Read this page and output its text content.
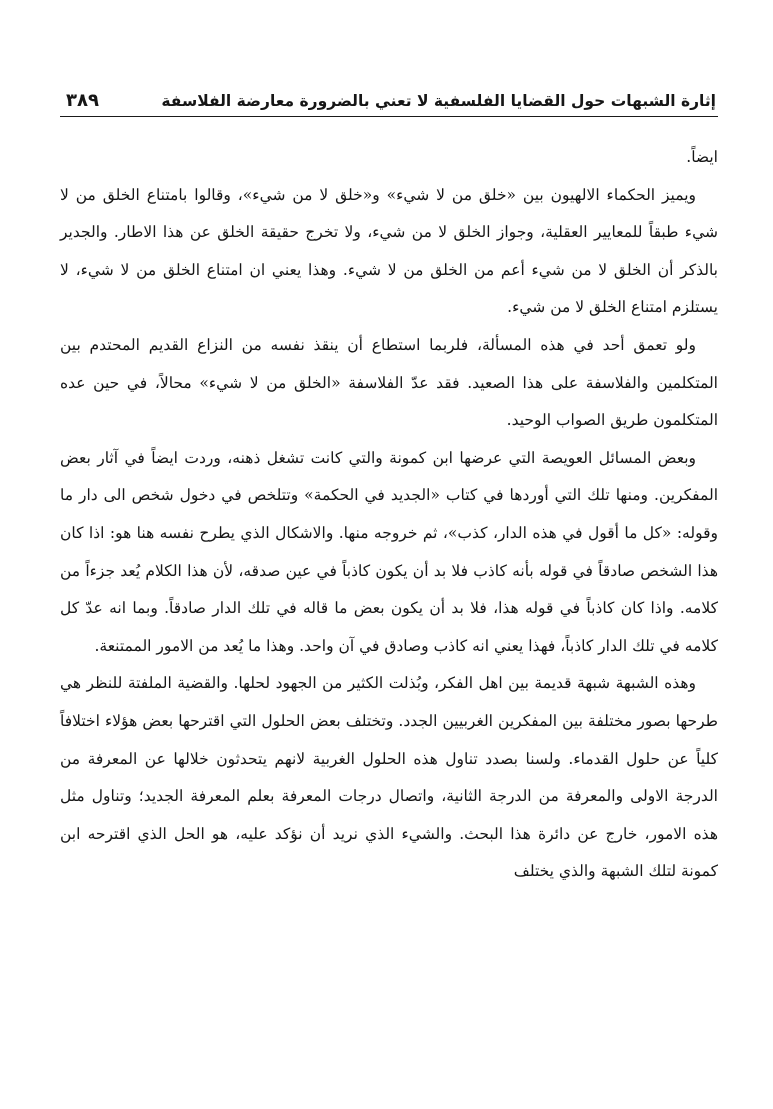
إثارة الشبهات حول القضايا الفلسفية لا تعني بالضرورة معارضة الفلاسفة
٣٨٩

ايضاً.

ويميز الحكماء الالهيون بين «خلق من لا شيء» و«خلق لا من شيء»، وقالوا بامتناع الخلق من لا شيء طبقاً للمعايير العقلية، وجواز الخلق لا من شيء، ولا تخرج حقيقة الخلق عن هذا الاطار. والجدير بالذكر أن الخلق لا من شيء أعم من الخلق من لا شيء. وهذا يعني ان امتناع الخلق من لا شيء، لا يستلزم امتناع الخلق لا من شيء.

ولو تعمق أحد في هذه المسألة، فلربما استطاع أن ينقذ نفسه من النزاع القديم المحتدم بين المتكلمين والفلاسفة على هذا الصعيد. فقد عدّ الفلاسفة «الخلق من لا شيء» محالاً، في حين عده المتكلمون طريق الصواب الوحيد.

وبعض المسائل العويصة التي عرضها ابن كمونة والتي كانت تشغل ذهنه، وردت ايضاً في آثار بعض المفكرين. ومنها تلك التي أوردها في كتاب «الجديد في الحكمة» وتتلخص في دخول شخص الى دار ما وقوله: «كل ما أقول في هذه الدار، كذب»، ثم خروجه منها. والاشكال الذي يطرح نفسه هنا هو: اذا كان هذا الشخص صادقاً في قوله بأنه كاذب فلا بد أن يكون كاذباً في عين صدقه، لأن هذا الكلام يُعد جزءاً من كلامه. واذا كان كاذباً في قوله هذا، فلا بد أن يكون بعض ما قاله في تلك الدار صادقاً. وبما انه عدّ كل كلامه في تلك الدار كاذباً، فهذا يعني انه كاذب وصادق في آن واحد. وهذا ما يُعد من الامور الممتنعة.

وهذه الشبهة شبهة قديمة بين اهل الفكر، وبُذلت الكثير من الجهود لحلها. والقضية الملفتة للنظر هي طرحها بصور مختلفة بين المفكرين الغربيين الجدد. وتختلف بعض الحلول التي اقترحها بعض هؤلاء اختلافاً كلياً عن حلول القدماء. ولسنا بصدد تناول هذه الحلول الغربية لانهم يتحدثون خلالها عن المعرفة من الدرجة الاولى والمعرفة من الدرجة الثانية، واتصال درجات المعرفة بعلم المعرفة الجديد؛ وتناول مثل هذه الامور، خارج عن دائرة هذا البحث. والشيء الذي نريد أن نؤكد عليه، هو الحل الذي اقترحه ابن كمونة لتلك الشبهة والذي يختلف
